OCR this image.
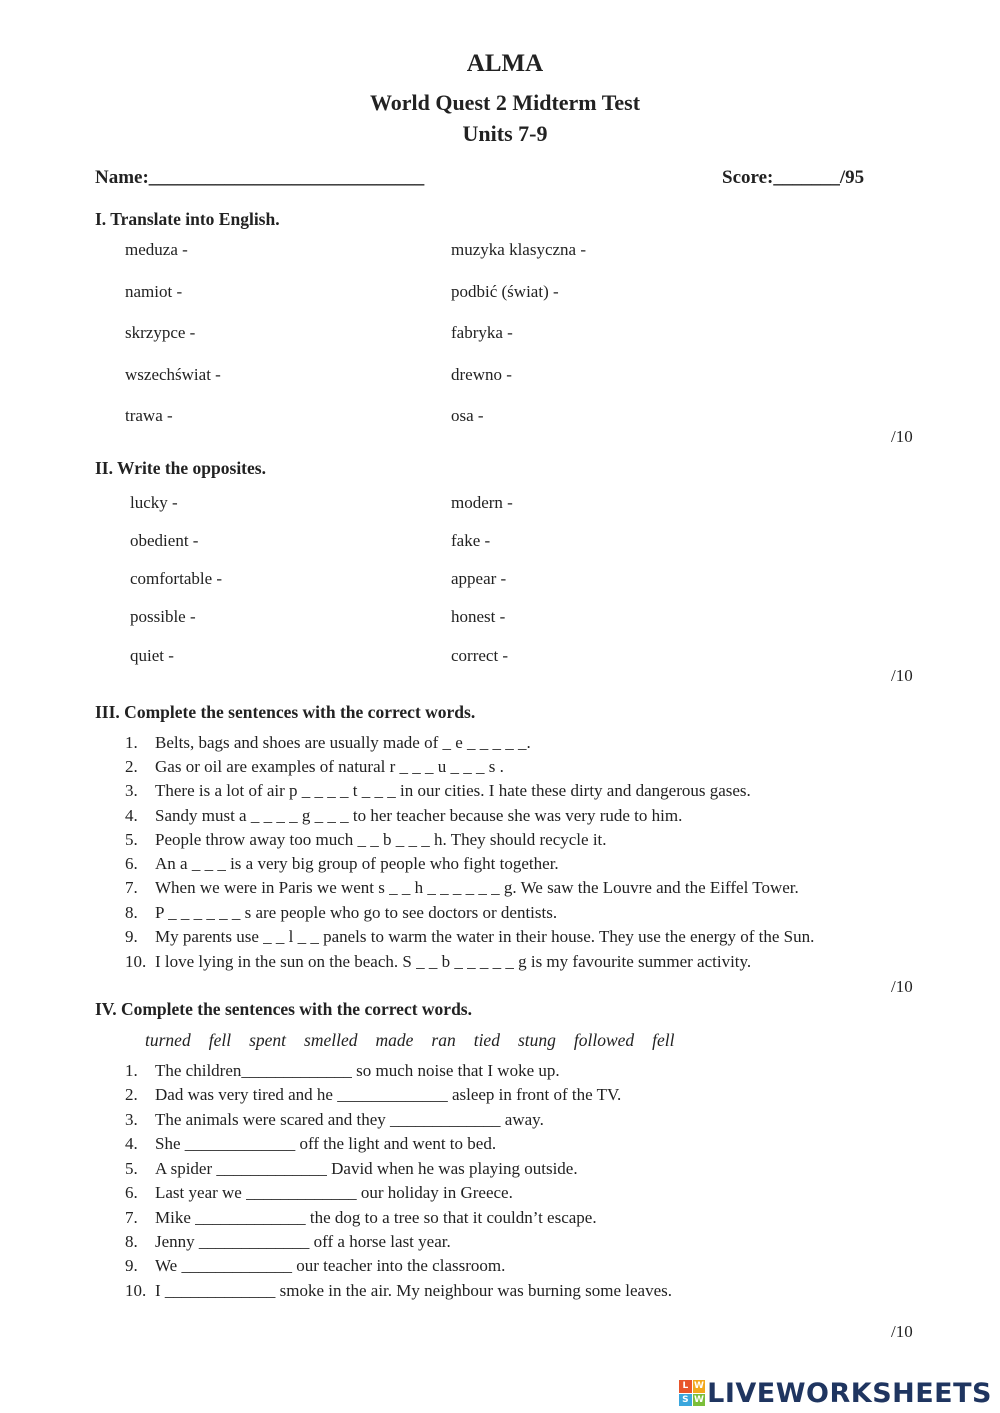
ALMA
World Quest 2 Midterm Test
Units 7-9
Name:_____________________________	Score:_______/95
I. Translate into English.
meduza -
namiot -
skrzypce -
wszechświat -
trawa -
muzyka klasyczna -
podbić (świat) -
fabryka -
drewno -
osa -
/10
II. Write the opposites.
lucky -
obedient -
comfortable -
possible -
quiet -
modern -
fake -
appear -
honest -
correct -
/10
III. Complete the sentences with the correct words.
1. Belts, bags and shoes are usually made of _ e _ _ _ _ _.
2. Gas or oil are examples of natural r _ _ _ u _ _ _ s .
3. There is a lot of air p _ _ _ _ t _ _ _ in our cities. I hate these dirty and dangerous gases.
4. Sandy must a _ _ _ _ g _ _ _ to her teacher because she was very rude to him.
5. People throw away too much _ _ b _ _ _ h. They should recycle it.
6. An a _ _ _ is a very big group of people who fight together.
7. When we were in Paris we went s _ _ h _ _ _ _ _ _ g. We saw the Louvre and the Eiffel Tower.
8. P _ _ _ _ _ _ s are people who go to see doctors or dentists.
9. My parents use _ _ l _ _ panels to warm the water in their house. They use the energy of the Sun.
10. I love lying in the sun on the beach. S _ _ b _ _ _ _ _ g is my favourite summer activity.
/10
IV. Complete the sentences with the correct words.
turned fell spent smelled made ran tied stung followed fell
1. The children_____________ so much noise that I woke up.
2. Dad was very tired and he _____________ asleep in front of the TV.
3. The animals were scared and they _____________ away.
4. She _____________ off the light and went to bed.
5. A spider _____________ David when he was playing outside.
6. Last year we _____________ our holiday in Greece.
7. Mike _____________ the dog to a tree so that it couldn’t escape.
8. Jenny _____________ off a horse last year.
9. We _____________ our teacher into the classroom.
10. I _____________ smoke in the air. My neighbour was burning some leaves.
/10
L W
S W LIVEWORKSHEETS
